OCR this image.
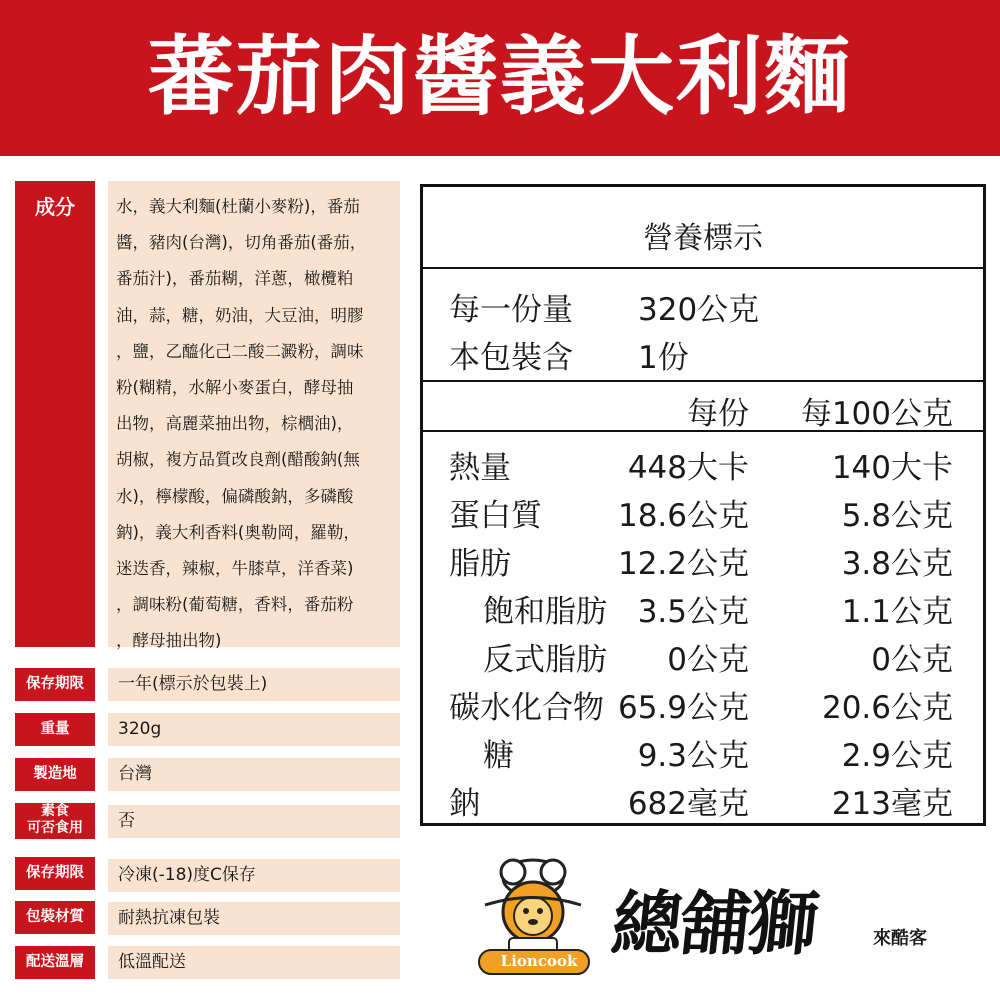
蕃茄肉醬義大利麵
成分	水，義大利麵(杜蘭小麥粉)，番茄
醬，豬肉(台灣)，切角番茄(番茄，
番茄汁)，番茄糊，洋蔥，橄欖粕
油，蒜，糖，奶油，大豆油，明膠
，鹽，乙醯化己二酸二澱粉，調味
粉(糊精，水解小麥蛋白，酵母抽
出物，高麗菜抽出物，棕櫚油)，
胡椒，複方品質改良劑(醋酸鈉(無
水)，檸檬酸，偏磷酸鈉，多磷酸
鈉)，義大利香料(奧勒岡，羅勒，
迷迭香，辣椒，牛膝草，洋香菜)
，調味粉(葡萄糖，香料，番茄粉
，酵母抽出物)
保存期限	一年(標示於包裝上)
重量	320g
製造地	台灣
素食
可否食用	否
保存期限	冷凍(-18)度C保存
包裝材質	耐熱抗凍包裝
配送溫層	低溫配送
營養標示
每一份量 320公克
本包裝含 1份
每份 每100公克
熱量	448大卡	140大卡
蛋白質 18.6公克	5.8公克
脂肪	12.2公克	3.8公克
飽和脂肪 3.5公克	1.1公克
反式脂肪 0公克	0公克
碳水化合物 65.9公克 20.6公克
糖	9.3公克	2.9公克
鈉	682毫克	213毫克
Lioncook 總舖獅	來酷客
